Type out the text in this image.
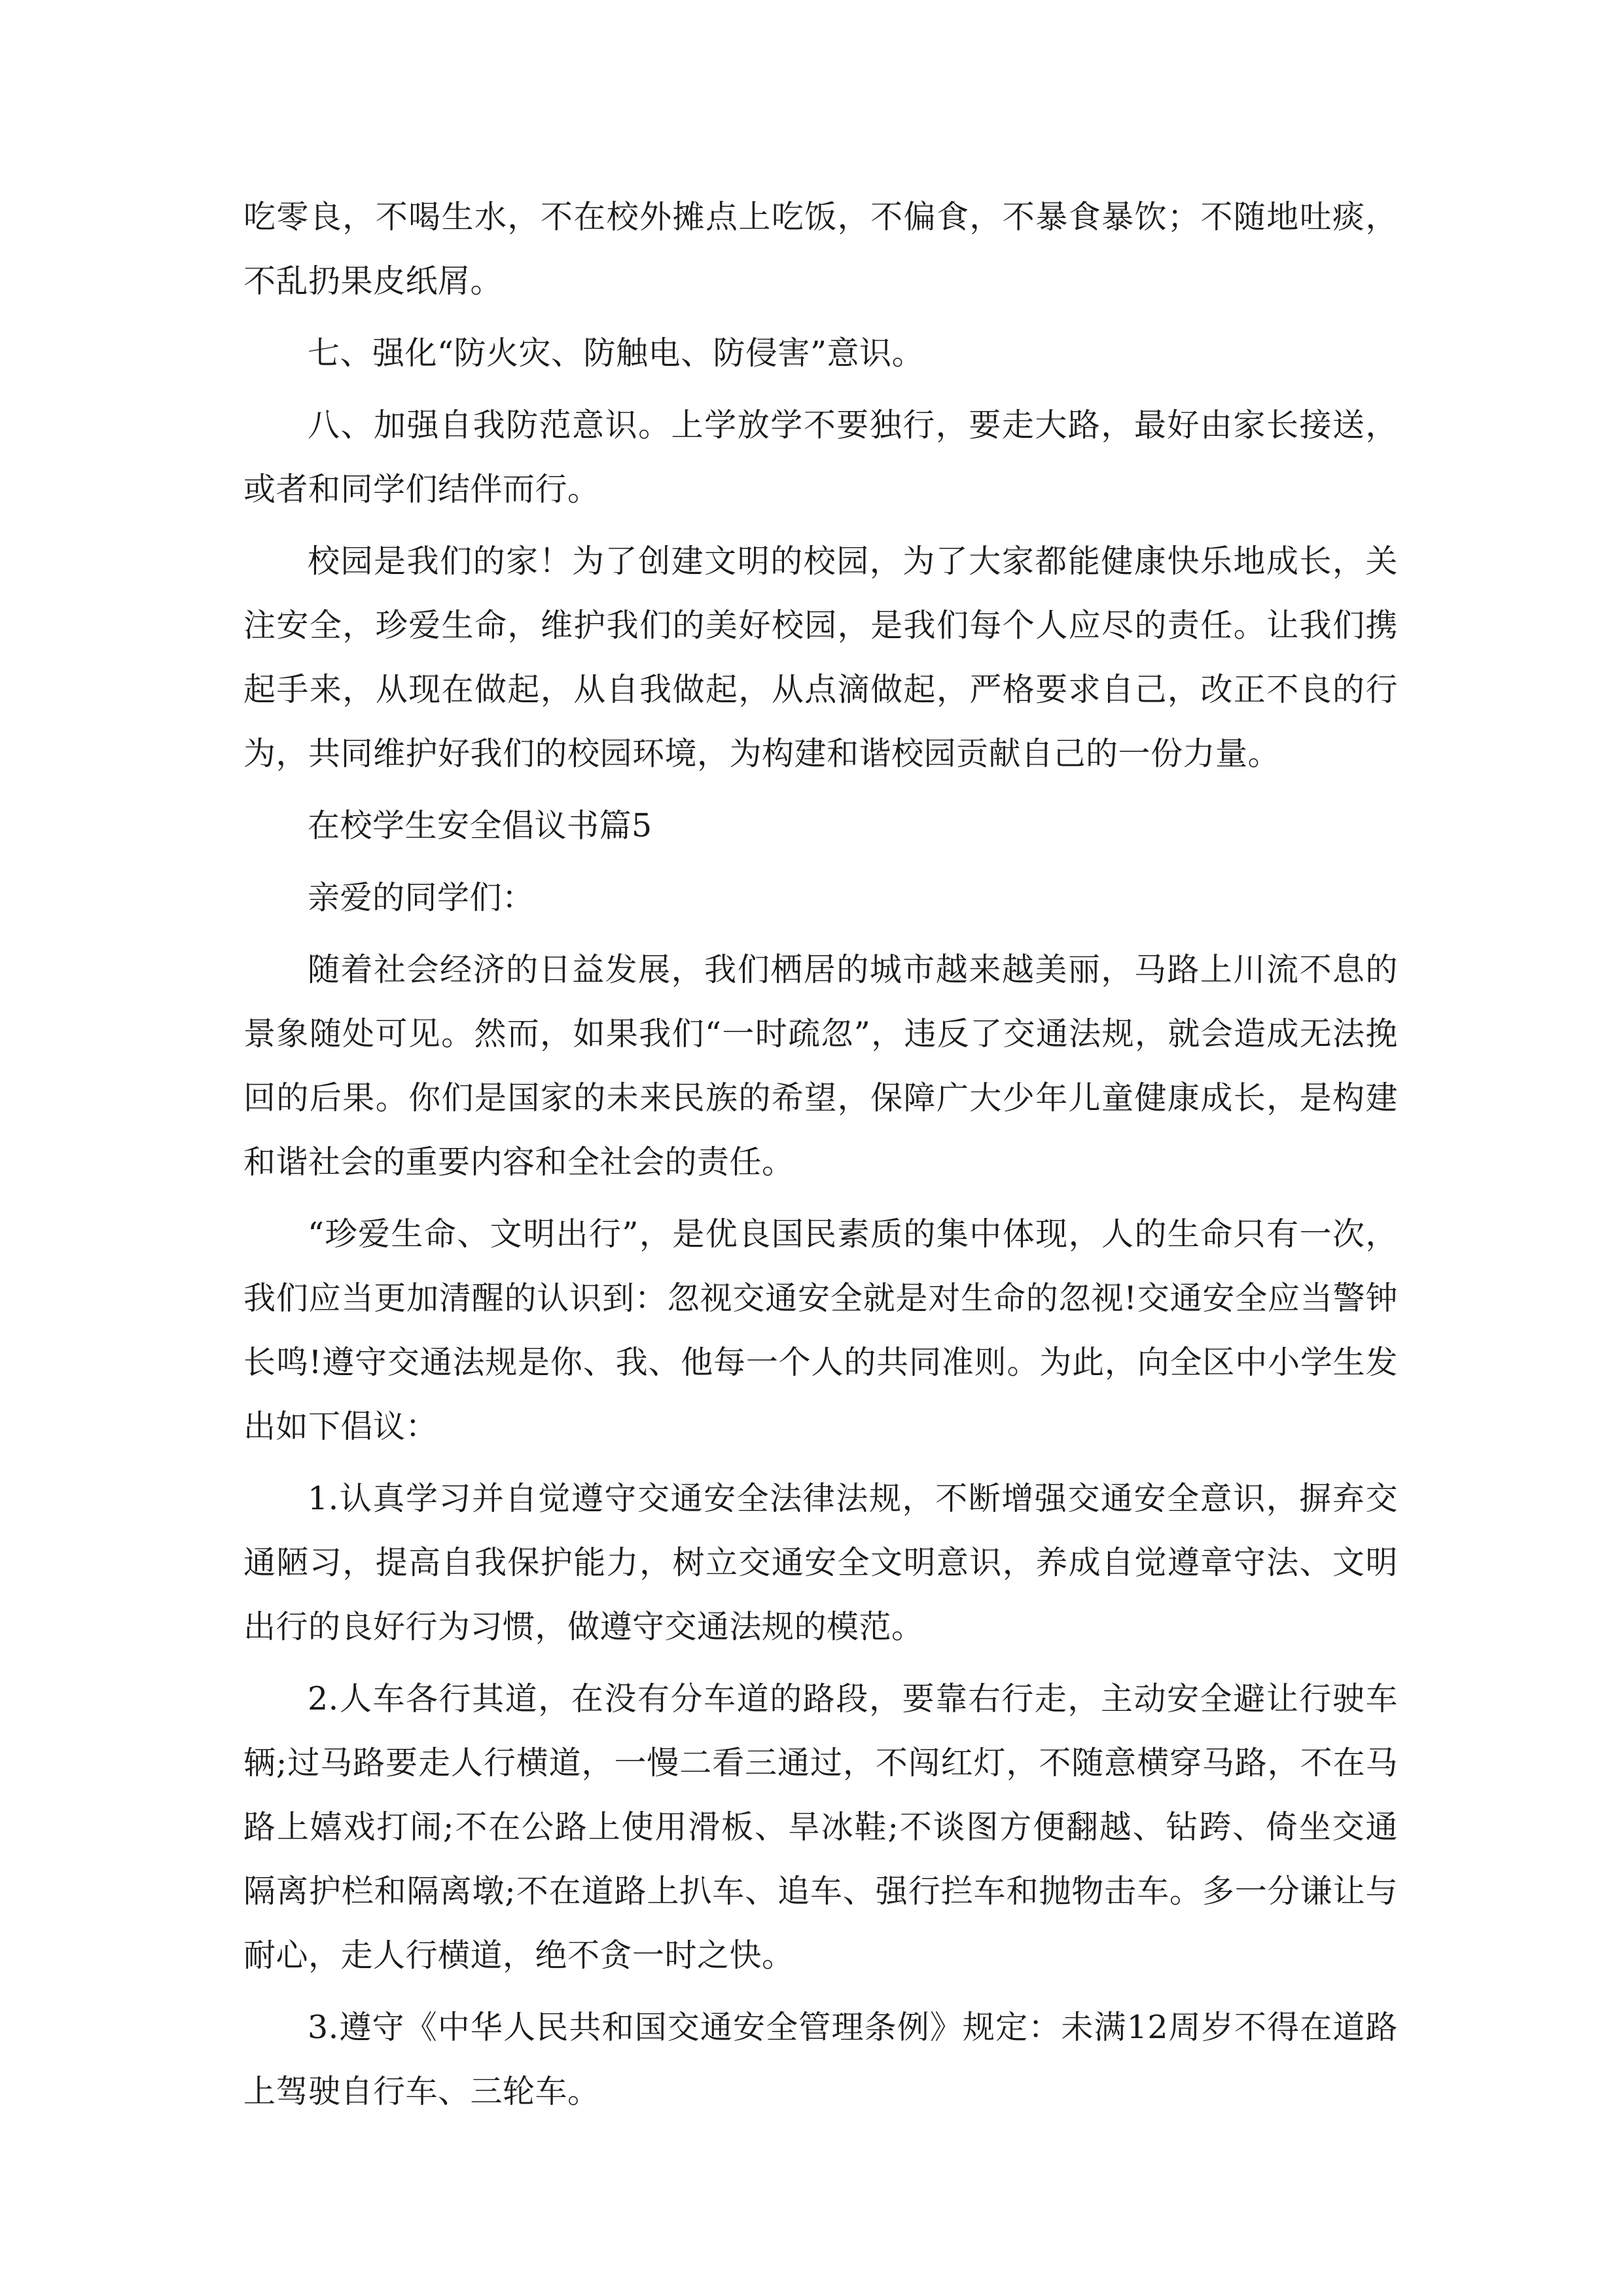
吃零良，不喝生水，不在校外摊点上吃饭，不偏食，不暴食暴饮；不随地吐痰，不乱扔果皮纸屑。

七、强化“防火灾、防触电、防侵害”意识。

八、加强自我防范意识。上学放学不要独行，要走大路，最好由家长接送，或者和同学们结伴而行。

校园是我们的家！为了创建文明的校园，为了大家都能健康快乐地成长，关注安全，珍爱生命，维护我们的美好校园，是我们每个人应尽的责任。让我们携起手来，从现在做起，从自我做起，从点滴做起，严格要求自己，改正不良的行为，共同维护好我们的校园环境，为构建和谐校园贡献自己的一份力量。

在校学生安全倡议书篇5

亲爱的同学们：

随着社会经济的日益发展，我们栖居的城市越来越美丽，马路上川流不息的景象随处可见。然而，如果我们“一时疏忽”，违反了交通法规，就会造成无法挽回的后果。你们是国家的未来民族的希望，保障广大少年儿童健康成长，是构建和谐社会的重要内容和全社会的责任。

“珍爱生命、文明出行”，是优良国民素质的集中体现，人的生命只有一次，我们应当更加清醒的认识到：忽视交通安全就是对生命的忽视!交通安全应当警钟长鸣!遵守交通法规是你、我、他每一个人的共同准则。为此，向全区中小学生发出如下倡议：

1.认真学习并自觉遵守交通安全法律法规，不断增强交通安全意识，摒弃交通陋习，提高自我保护能力，树立交通安全文明意识，养成自觉遵章守法、文明出行的良好行为习惯，做遵守交通法规的模范。

2.人车各行其道，在没有分车道的路段，要靠右行走，主动安全避让行驶车辆;过马路要走人行横道，一慢二看三通过，不闯红灯，不随意横穿马路，不在马路上嬉戏打闹;不在公路上使用滑板、旱冰鞋;不谈图方便翻越、钻跨、倚坐交通隔离护栏和隔离墩;不在道路上扒车、追车、强行拦车和抛物击车。多一分谦让与耐心，走人行横道，绝不贪一时之快。

3.遵守《中华人民共和国交通安全管理条例》规定：未满12周岁不得在道路上驾驶自行车、三轮车。
